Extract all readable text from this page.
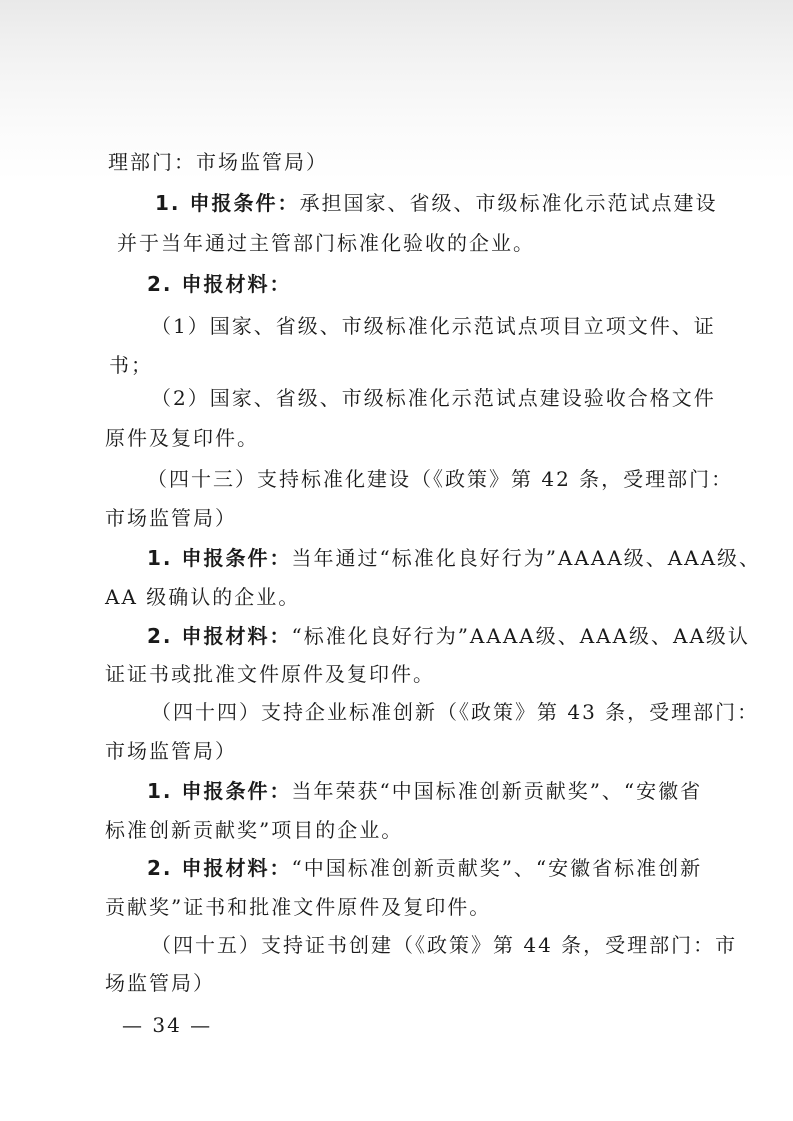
理部门：市场监管局）
1. 申报条件：承担国家、省级、市级标准化示范试点建设
并于当年通过主管部门标准化验收的企业。
2. 申报材料：
（1）国家、省级、市级标准化示范试点项目立项文件、证
书；
（2）国家、省级、市级标准化示范试点建设验收合格文件
原件及复印件。
（四十三）支持标准化建设（《政策》第 42 条，受理部门：
市场监管局）
1. 申报条件：当年通过“标准化良好行为”AAAA级、AAA级、
AA 级确认的企业。
2. 申报材料：“标准化良好行为”AAAA级、AAA级、AA级认
证证书或批准文件原件及复印件。
（四十四）支持企业标准创新（《政策》第 43 条，受理部门：
市场监管局）
1. 申报条件：当年荣获“中国标准创新贡献奖”、“安徽省
标准创新贡献奖”项目的企业。
2. 申报材料：“中国标准创新贡献奖”、“安徽省标准创新
贡献奖”证书和批准文件原件及复印件。
（四十五）支持证书创建（《政策》第 44 条，受理部门：市
场监管局）
— 34 —
